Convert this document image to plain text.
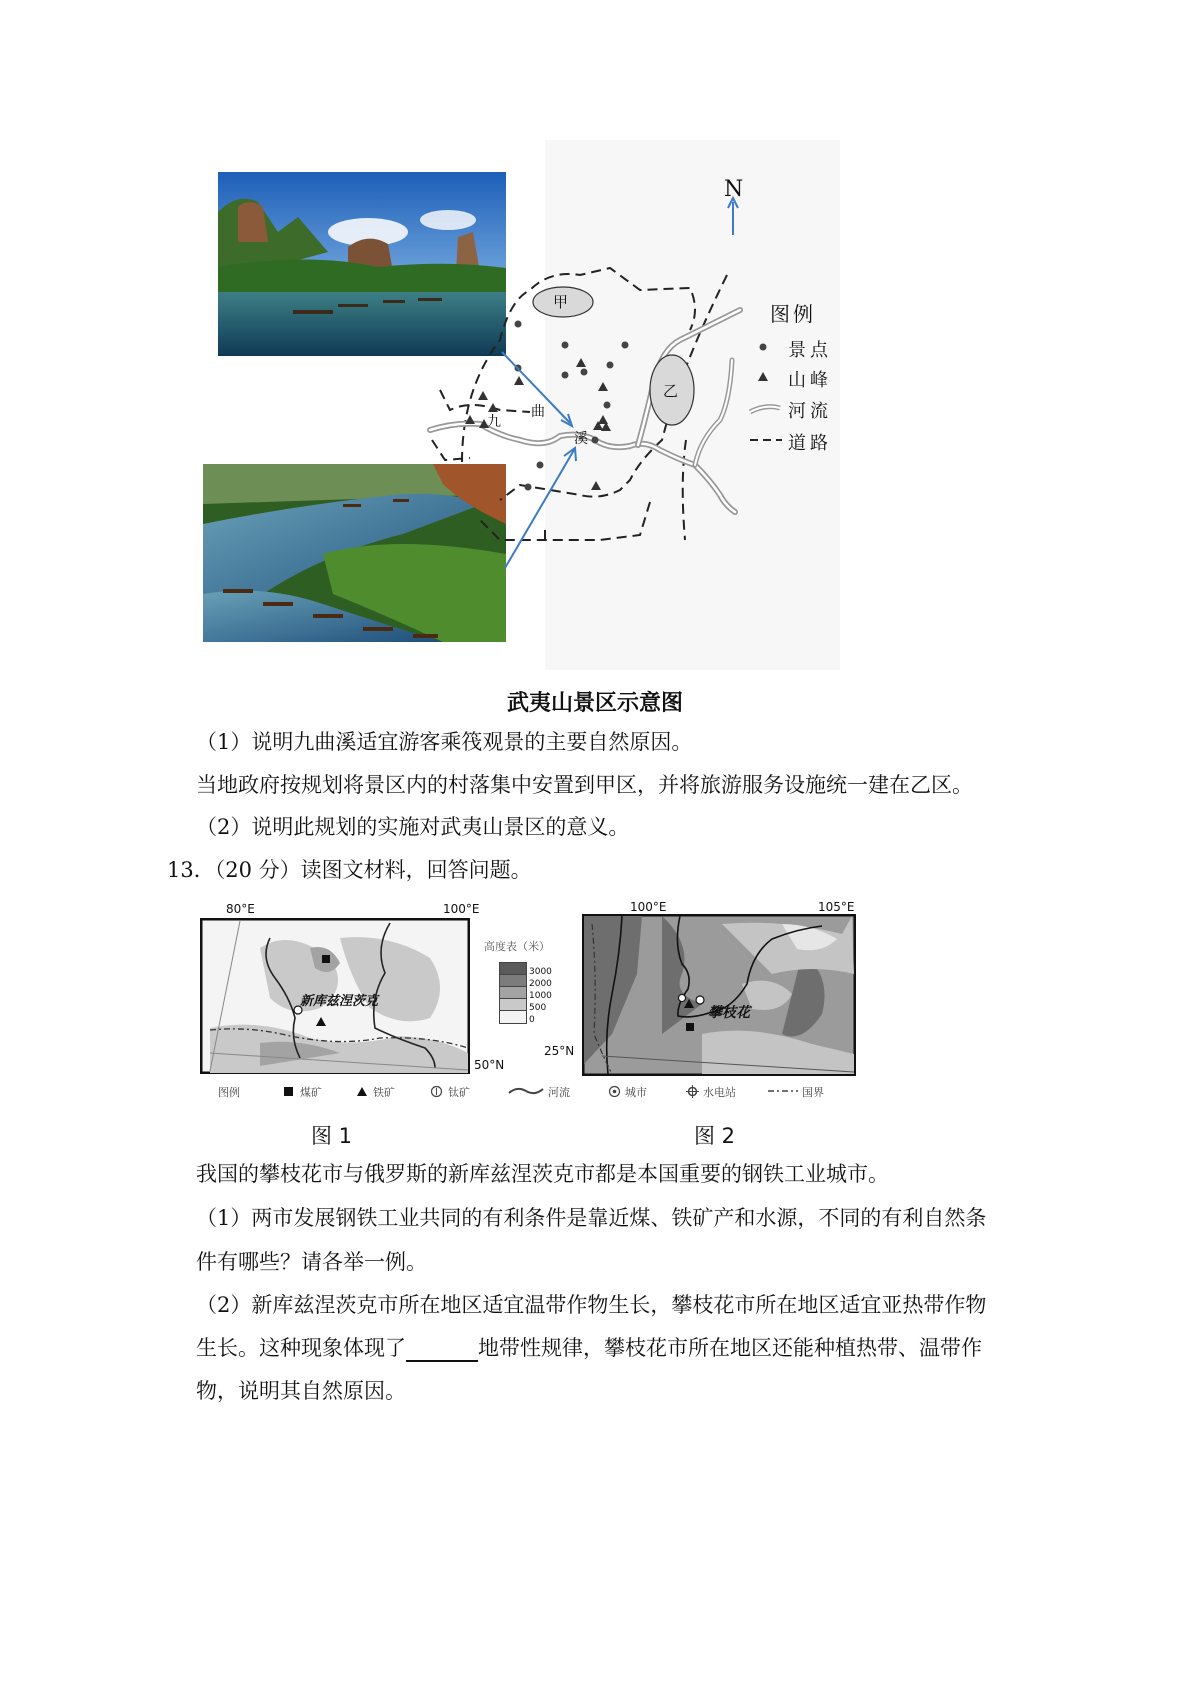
N
甲
乙
九
曲
溪
图例
景点
山峰
河流
道路
武夷山景区示意图
（1）说明九曲溪适宜游客乘筏观景的主要自然原因。
当地政府按规划将景区内的村落集中安置到甲区，并将旅游服务设施统一建在乙区。
（2）说明此规划的实施对武夷山景区的意义。
13．（20 分）读图文材料，回答问题。
新库兹涅茨克
80°E	100°E
50°N
高度表（米）
3000
2000
1000
500
0	攀枝花
100°E	105°E
25°N
图例	煤矿	铁矿	钛矿	河流	城市	水电站	国界
图 1	图 2
我国的攀枝花市与俄罗斯的新库兹涅茨克市都是本国重要的钢铁工业城市。
（1）两市发展钢铁工业共同的有利条件是靠近煤、铁矿产和水源，不同的有利自然条
件有哪些？请各举一例。
（2）新库兹涅茨克市所在地区适宜温带作物生长，攀枝花市所在地区适宜亚热带作物
生长。这种现象体现了	地带性规律，攀枝花市所在地区还能种植热带、温带作
物，说明其自然原因。
